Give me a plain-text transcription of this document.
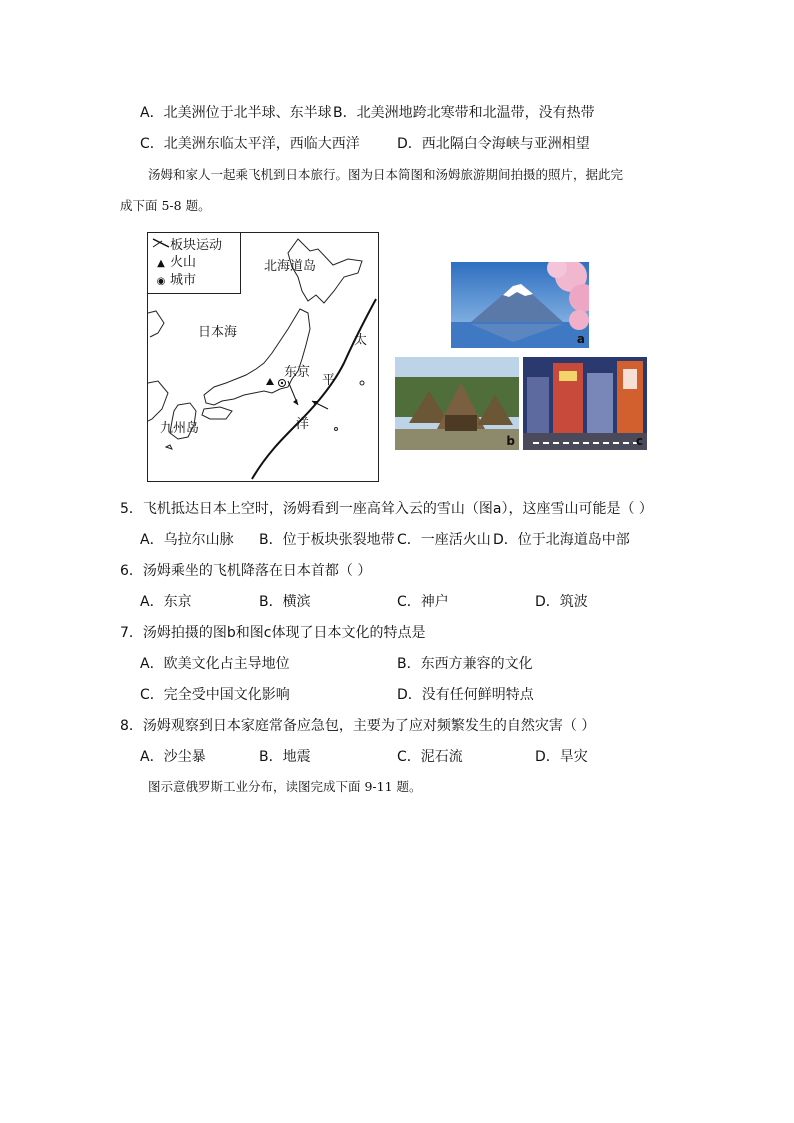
A．北美洲位于北半球、东半球 B．北美洲地跨北寒带和北温带，没有热带
C．北美洲东临太平洋，西临大西洋	D．西北隔白令海峡与亚洲相望
汤姆和家人一起乘飞机到日本旅行。图为日本简图和汤姆旅游期间拍摄的照片，据此完
成下面 5-8 题。
板块运动
▲ 火山
◉ 城市
北海道岛
日本海
东京
九州岛
太
平
洋
a
b	c
5．飞机抵达日本上空时，汤姆看到一座高耸入云的雪山（图a），这座雪山可能是（ ）
A．乌拉尔山脉 B．位于板块张裂地带 C．一座活火山 D．位于北海道岛中部
6．汤姆乘坐的飞机降落在日本首都（ ）
A．东京	B．横滨	C．神户	D．筑波
7．汤姆拍摄的图b和图c体现了日本文化的特点是
A．欧美文化占主导地位	B．东西方兼容的文化
C．完全受中国文化影响	D．没有任何鲜明特点
8．汤姆观察到日本家庭常备应急包，主要为了应对频繁发生的自然灾害（ ）
A．沙尘暴	B．地震	C．泥石流	D．旱灾
图示意俄罗斯工业分布，读图完成下面 9-11 题。
